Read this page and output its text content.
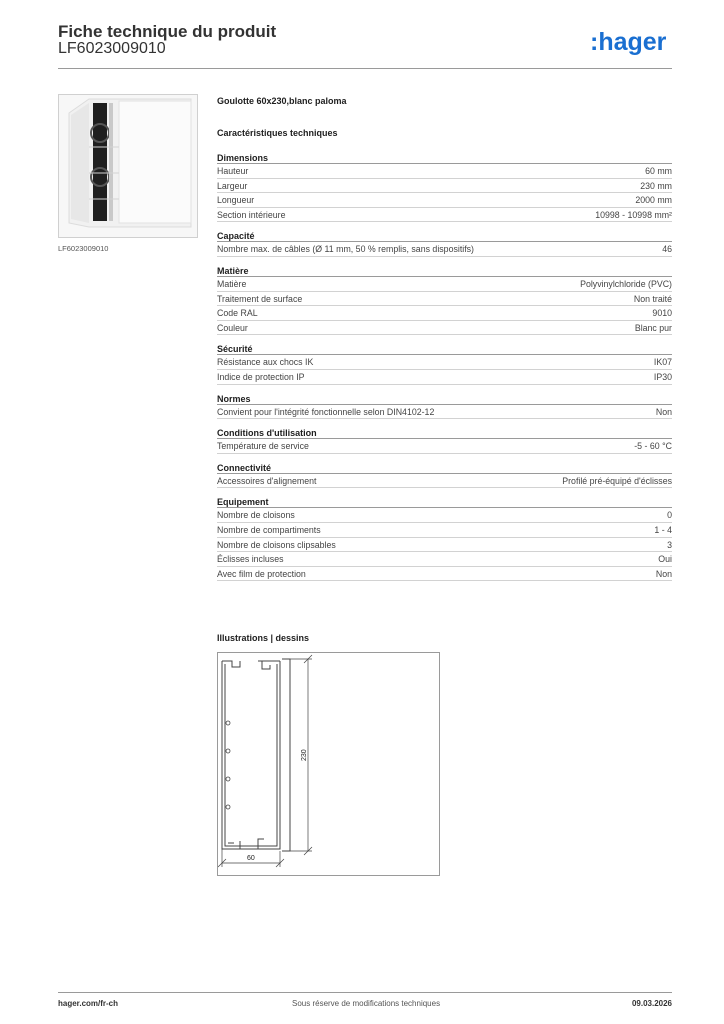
Fiche technique du produit
LF6023009010	:hager
LF6023009010
Goulotte 60x230,blanc paloma
Caractéristiques techniques
Dimensions
Hauteur	60 mm
Largeur	230 mm
Longueur	2000 mm
Section intérieure	10998 - 10998 mm²
Capacité
Nombre max. de câbles (Ø 11 mm, 50 % remplis, sans dispositifs)	46
Matière
Matière	Polyvinylchloride (PVC)
Traitement de surface	Non traité
Code RAL	9010
Couleur	Blanc pur
Sécurité
Résistance aux chocs IK	IK07
Indice de protection IP	IP30
Normes
Convient pour l'intégrité fonctionnelle selon DIN4102-12	Non
Conditions d'utilisation
Température de service	-5 - 60 °C
Connectivité
Accessoires d'alignement	Profilé pré-équipé d'éclisses
Equipement
Nombre de cloisons	0
Nombre de compartiments	1 - 4
Nombre de cloisons clipsables	3
Éclisses incluses	Oui
Avec film de protection	Non
Illustrations | dessins
230
60
hager.com/fr-ch	Sous réserve de modifications techniques	09.03.2026
